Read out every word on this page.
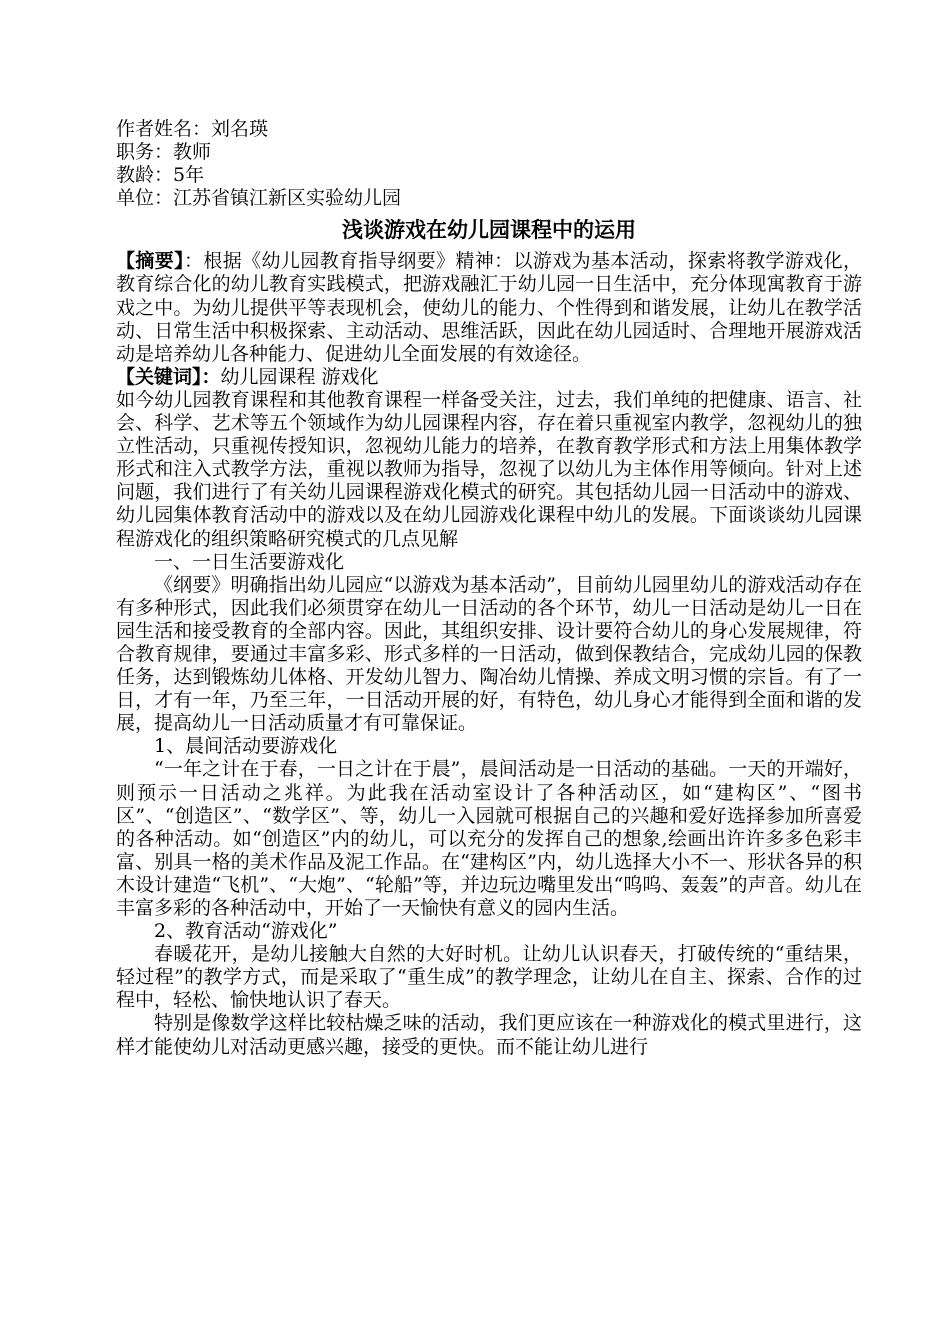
作者姓名：刘名瑛
职务：教师
教龄：5年
单位：江苏省镇江新区实验幼儿园
浅谈游戏在幼儿园课程中的运用

【摘要】：根据《幼儿园教育指导纲要》精神：以游戏为基本活动，探索将教学游戏化，教育综合化的幼儿教育实践模式，把游戏融汇于幼儿园一日生活中，充分体现寓教育于游戏之中。为幼儿提供平等表现机会，使幼儿的能力、个性得到和谐发展，让幼儿在教学活动、日常生活中积极探索、主动活动、思维活跃，因此在幼儿园适时、合理地开展游戏活动是培养幼儿各种能力、促进幼儿全面发展的有效途径。

【关键词】：幼儿园课程 游戏化

如今幼儿园教育课程和其他教育课程一样备受关注，过去，我们单纯的把健康、语言、社会、科学、艺术等五个领域作为幼儿园课程内容，存在着只重视室内教学，忽视幼儿的独立性活动，只重视传授知识，忽视幼儿能力的培养，在教育教学形式和方法上用集体教学形式和注入式教学方法，重视以教师为指导，忽视了以幼儿为主体作用等倾向。针对上述问题，我们进行了有关幼儿园课程游戏化模式的研究。其包括幼儿园一日活动中的游戏、幼儿园集体教育活动中的游戏以及在幼儿园游戏化课程中幼儿的发展。下面谈谈幼儿园课程游戏化的组织策略研究模式的几点见解

一、一日生活要游戏化

《纲要》明确指出幼儿园应“以游戏为基本活动”，目前幼儿园里幼儿的游戏活动存在有多种形式，因此我们必须贯穿在幼儿一日活动的各个环节，幼儿一日活动是幼儿一日在园生活和接受教育的全部内容。因此，其组织安排、设计要符合幼儿的身心发展规律，符合教育规律，要通过丰富多彩、形式多样的一日活动，做到保教结合，完成幼儿园的保教任务，达到锻炼幼儿体格、开发幼儿智力、陶冶幼儿情操、养成文明习惯的宗旨。有了一日，才有一年，乃至三年，一日活动开展的好，有特色，幼儿身心才能得到全面和谐的发展，提高幼儿一日活动质量才有可靠保证。

1、晨间活动要游戏化

“一年之计在于春，一日之计在于晨”，晨间活动是一日活动的基础。一天的开端好，则预示一日活动之兆祥。为此我在活动室设计了各种活动区，如“建构区”、“图书区”、“创造区”、“数学区”、等，幼儿一入园就可根据自己的兴趣和爱好选择参加所喜爱的各种活动。如“创造区”内的幼儿，可以充分的发挥自己的想象,绘画出许许多多色彩丰富、别具一格的美术作品及泥工作品。在“建构区”内，幼儿选择大小不一、形状各异的积木设计建造“飞机”、“大炮”、“轮船”等，并边玩边嘴里发出“呜呜、轰轰”的声音。幼儿在丰富多彩的各种活动中，开始了一天愉快有意义的园内生活。

2、教育活动“游戏化”

春暖花开，是幼儿接触大自然的大好时机。让幼儿认识春天，打破传统的“重结果，轻过程”的教学方式，而是采取了“重生成”的教学理念，让幼儿在自主、探索、合作的过程中，轻松、愉快地认识了春天。

特别是像数学这样比较枯燥乏味的活动，我们更应该在一种游戏化的模式里进行，这样才能使幼儿对活动更感兴趣，接受的更快。而不能让幼儿进行
